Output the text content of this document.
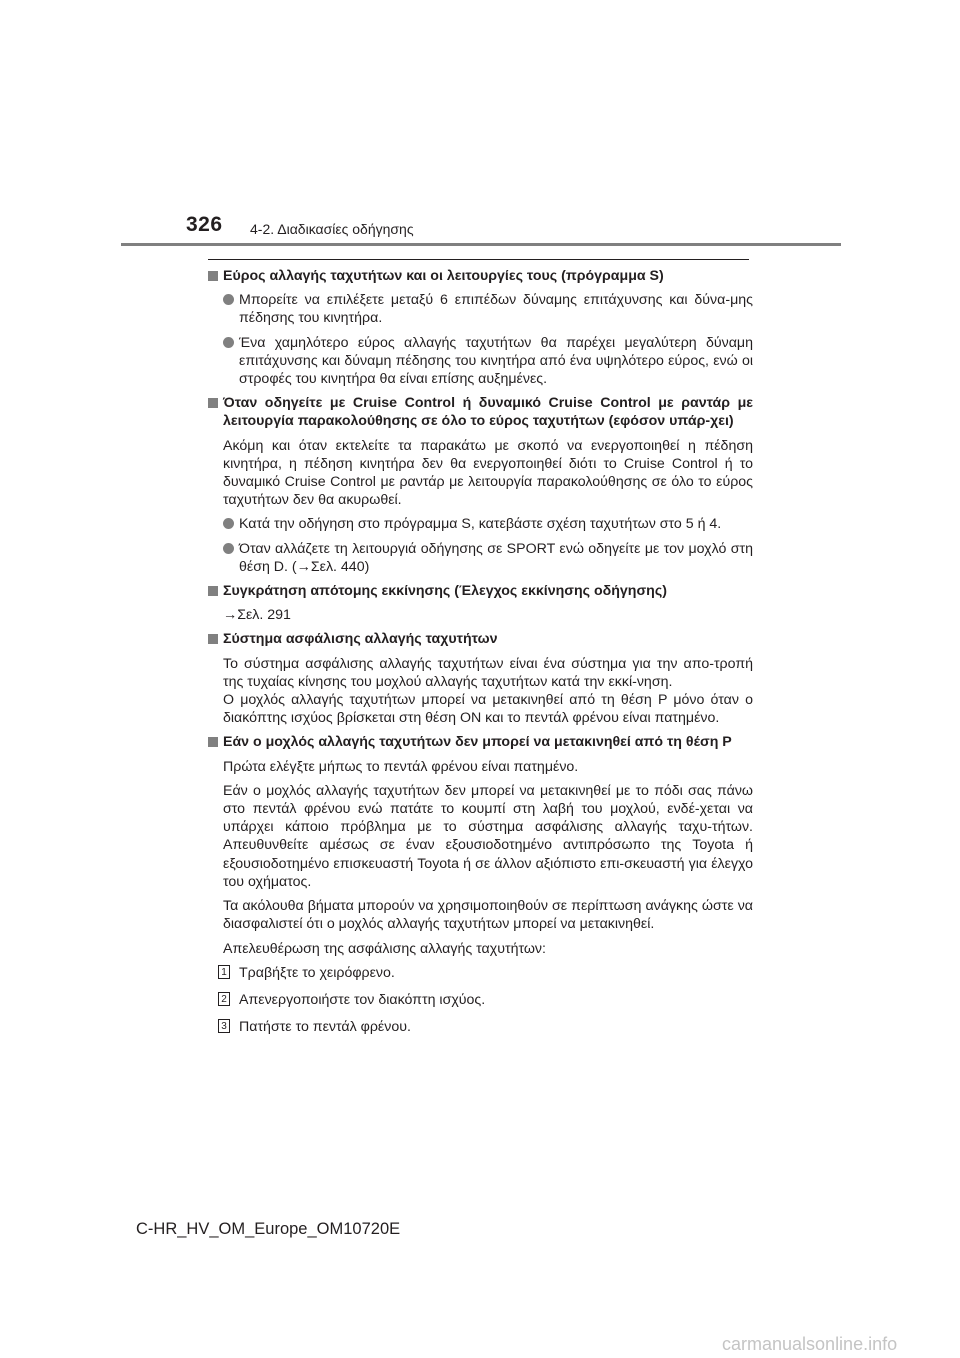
326 4-2. Διαδικασίες οδήγησης
Εύρος αλλαγής ταχυτήτων και οι λειτουργίες τους (πρόγραμμα S)
Μπορείτε να επιλέξετε μεταξύ 6 επιπέδων δύναμης επιτάχυνσης και δύνα-μης πέδησης του κινητήρα.
Ένα χαμηλότερο εύρος αλλαγής ταχυτήτων θα παρέχει μεγαλύτερη δύναμη επιτάχυνσης και δύναμη πέδησης του κινητήρα από ένα υψηλότερο εύρος, ενώ οι στροφές του κινητήρα θα είναι επίσης αυξημένες.
Όταν οδηγείτε με Cruise Control ή δυναμικό Cruise Control με ραντάρ με λειτουργία παρακολούθησης σε όλο το εύρος ταχυτήτων (εφόσον υπάρ-χει)
Ακόμη και όταν εκτελείτε τα παρακάτω με σκοπό να ενεργοποιηθεί η πέδηση κινητήρα, η πέδηση κινητήρα δεν θα ενεργοποιηθεί διότι το Cruise Control ή το δυναμικό Cruise Control με ραντάρ με λειτουργία παρακολούθησης σε όλο το εύρος ταχυτήτων δεν θα ακυρωθεί.
Κατά την οδήγηση στο πρόγραμμα S, κατεβάστε σχέση ταχυτήτων στο 5 ή 4.
Όταν αλλάζετε τη λειτουργιά οδήγησης σε SPORT ενώ οδηγείτε με τον μοχλό στη θέση D. (→Σελ. 440)
Συγκράτηση απότομης εκκίνησης (Έλεγχος εκκίνησης οδήγησης)
→Σελ. 291
Σύστημα ασφάλισης αλλαγής ταχυτήτων
Το σύστημα ασφάλισης αλλαγής ταχυτήτων είναι ένα σύστημα για την απο-τροπή της τυχαίας κίνησης του μοχλού αλλαγής ταχυτήτων κατά την εκκί-νηση.
Ο μοχλός αλλαγής ταχυτήτων μπορεί να μετακινηθεί από τη θέση P μόνο όταν ο διακόπτης ισχύος βρίσκεται στη θέση ON και το πεντάλ φρένου είναι πατημένο.
Εάν ο μοχλός αλλαγής ταχυτήτων δεν μπορεί να μετακινηθεί από τη θέση P
Πρώτα ελέγξτε μήπως το πεντάλ φρένου είναι πατημένο.
Εάν ο μοχλός αλλαγής ταχυτήτων δεν μπορεί να μετακινηθεί με το πόδι σας πάνω στο πεντάλ φρένου ενώ πατάτε το κουμπί στη λαβή του μοχλού, ενδέ-χεται να υπάρχει κάποιο πρόβλημα με το σύστημα ασφάλισης αλλαγής ταχυ-τήτων. Απευθυνθείτε αμέσως σε έναν εξουσιοδοτημένο αντιπρόσωπο της Toyota ή εξουσιοδοτημένο επισκευαστή Toyota ή σε άλλον αξιόπιστο επι-σκευαστή για έλεγχο του οχήματος.
Τα ακόλουθα βήματα μπορούν να χρησιμοποιηθούν σε περίπτωση ανάγκης ώστε να διασφαλιστεί ότι ο μοχλός αλλαγής ταχυτήτων μπορεί να μετακινηθεί.
Απελευθέρωση της ασφάλισης αλλαγής ταχυτήτων:
1 Τραβήξτε το χειρόφρενο.
2 Απενεργοποιήστε τον διακόπτη ισχύος.
3 Πατήστε το πεντάλ φρένου.
C-HR_HV_OM_Europe_OM10720E
carmanualsonline.info
